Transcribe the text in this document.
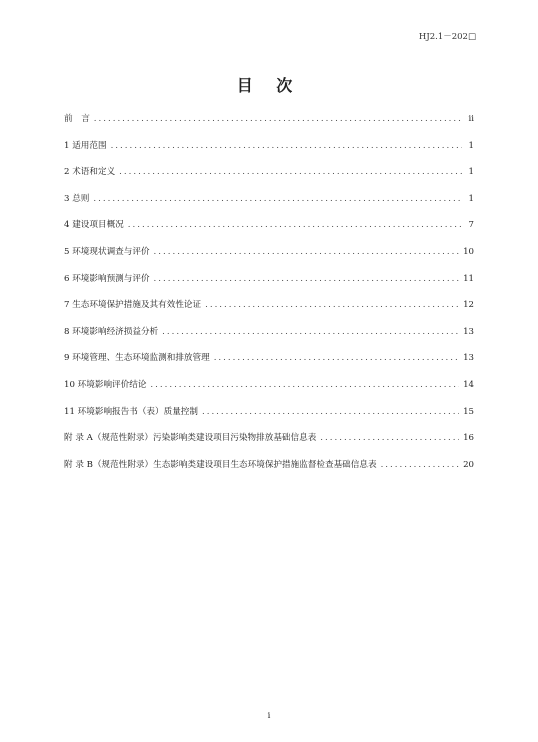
HJ2.1－202□
目 次
前　言 .....	ii
1 适用范围 .....	1
2 术语和定义 .....	1
3 总则 .....	1
4 建设项目概况 .....	7
5 环境现状调查与评价 .....	10
6 环境影响预测与评价 .....	11
7 生态环境保护措施及其有效性论证 .....	12
8 环境影响经济损益分析 .....	13
9 环境管理、生态环境监测和排放管理 .....	13
10 环境影响评价结论 .....	14
11 环境影响报告书（表）质量控制 .....	15
附 录 A（规范性附录）污染影响类建设项目污染物排放基础信息表 .....	16
附 录 B（规范性附录）生态影响类建设项目生态环境保护措施监督检查基础信息表 .....	20
i
